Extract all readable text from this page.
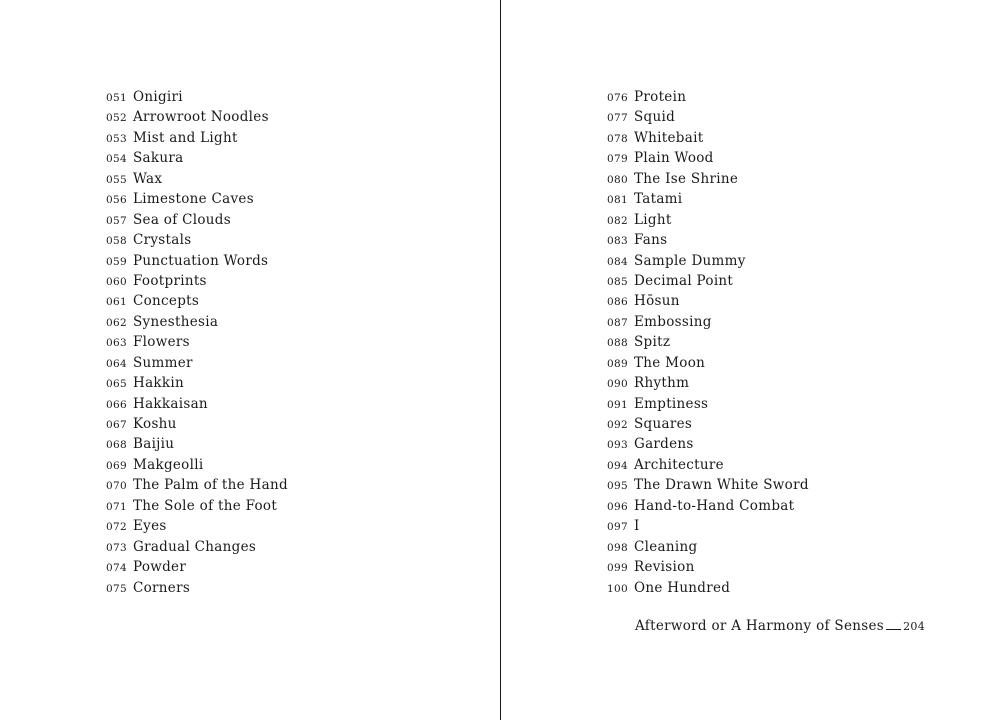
051 Onigiri
052 Arrowroot Noodles
053 Mist and Light
054 Sakura
055 Wax
056 Limestone Caves
057 Sea of Clouds
058 Crystals
059 Punctuation Words
060 Footprints
061 Concepts
062 Synesthesia
063 Flowers
064 Summer
065 Hakkin
066 Hakkaisan
067 Koshu
068 Baijiu
069 Makgeolli
070 The Palm of the Hand
071 The Sole of the Foot
072 Eyes
073 Gradual Changes
074 Powder
075 Corners
076 Protein
077 Squid
078 Whitebait
079 Plain Wood
080 The Ise Shrine
081 Tatami
082 Light
083 Fans
084 Sample Dummy
085 Decimal Point
086 Hōsun
087 Embossing
088 Spitz
089 The Moon
090 Rhythm
091 Emptiness
092 Squares
093 Gardens
094 Architecture
095 The Drawn White Sword
096 Hand-to-Hand Combat
097 I
098 Cleaning
099 Revision
100 One Hundred
Afterword or A Harmony of Senses 204
